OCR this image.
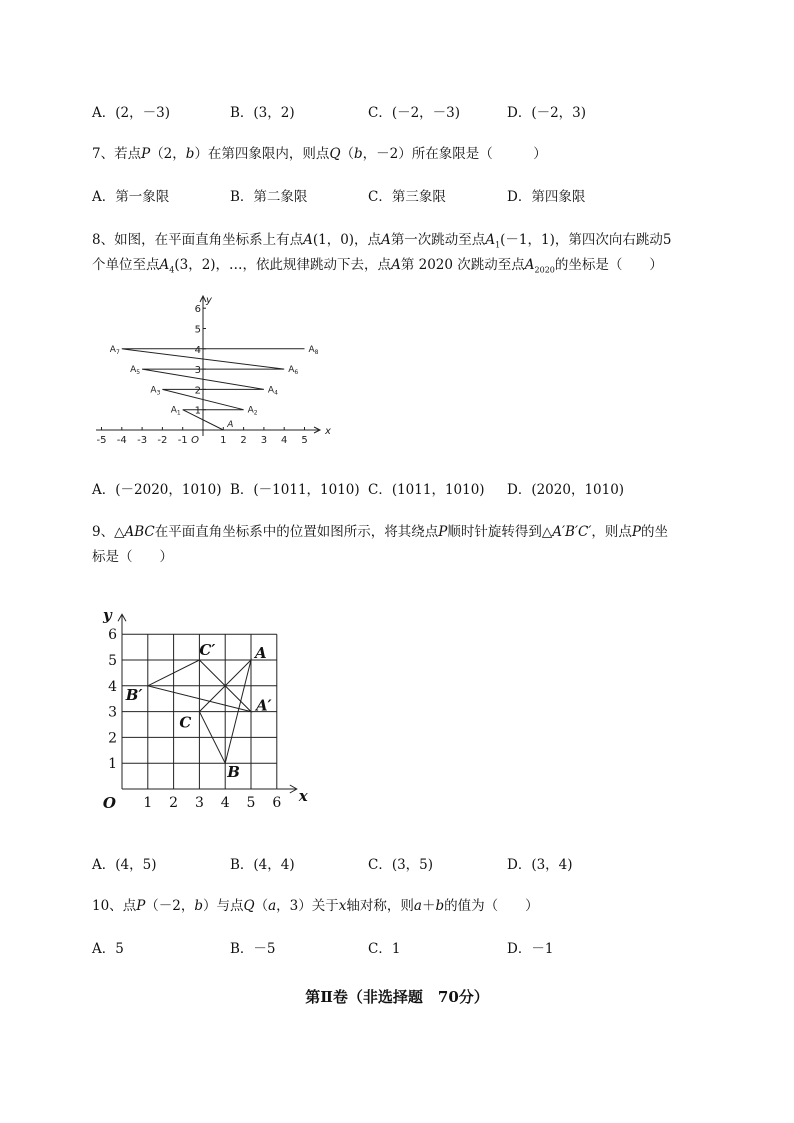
A．(2，－3)	B．(3，2)	C．(－2，－3)	D．(－2，3)
7、若点P（2，b）在第四象限内，则点Q（b，－2）所在象限是（　　　）
A．第一象限	B．第二象限	C．第三象限	D．第四象限
8、如图，在平面直角坐标系上有点A(1，0)，点A第一次跳动至点$A_1(-1$，1)，第四次向右跳动5
个单位至点$A_4(3$，2)，…，依此规律跳动下去，点A第 2020 次跳动至点$A_{2020}$的坐标是（　　）
-5 -4 -3 -2 -1 O 1 2 3 4 5
1
2
3
4
5
6
x
y
A
$A_1$	$A_2$
$A_3$	$A_4$
$A_5$	$A_6$
$A_7$	$A_8$
A．(－2020，1010) B．(－1011，1010) C．(1011，1010) D．(2020，1010)
9、△ABC在平面直角坐标系中的位置如图所示，将其绕点P顺时针旋转得到△A′B′C′，则点P的坐
标是（　　）
1 2 3 4 5 6
1
2
3
4
5
6
O	x
y
A
B
C
A′
B′
C′
A．(4，5)	B．(4，4)	C．(3，5)	D．(3，4)
10、点P（－2，b）与点Q（a，3）关于x轴对称，则a＋b的值为（　　）
A．5	B．－5	C．1	D．－1
第Ⅱ卷（非选择题　70分）
